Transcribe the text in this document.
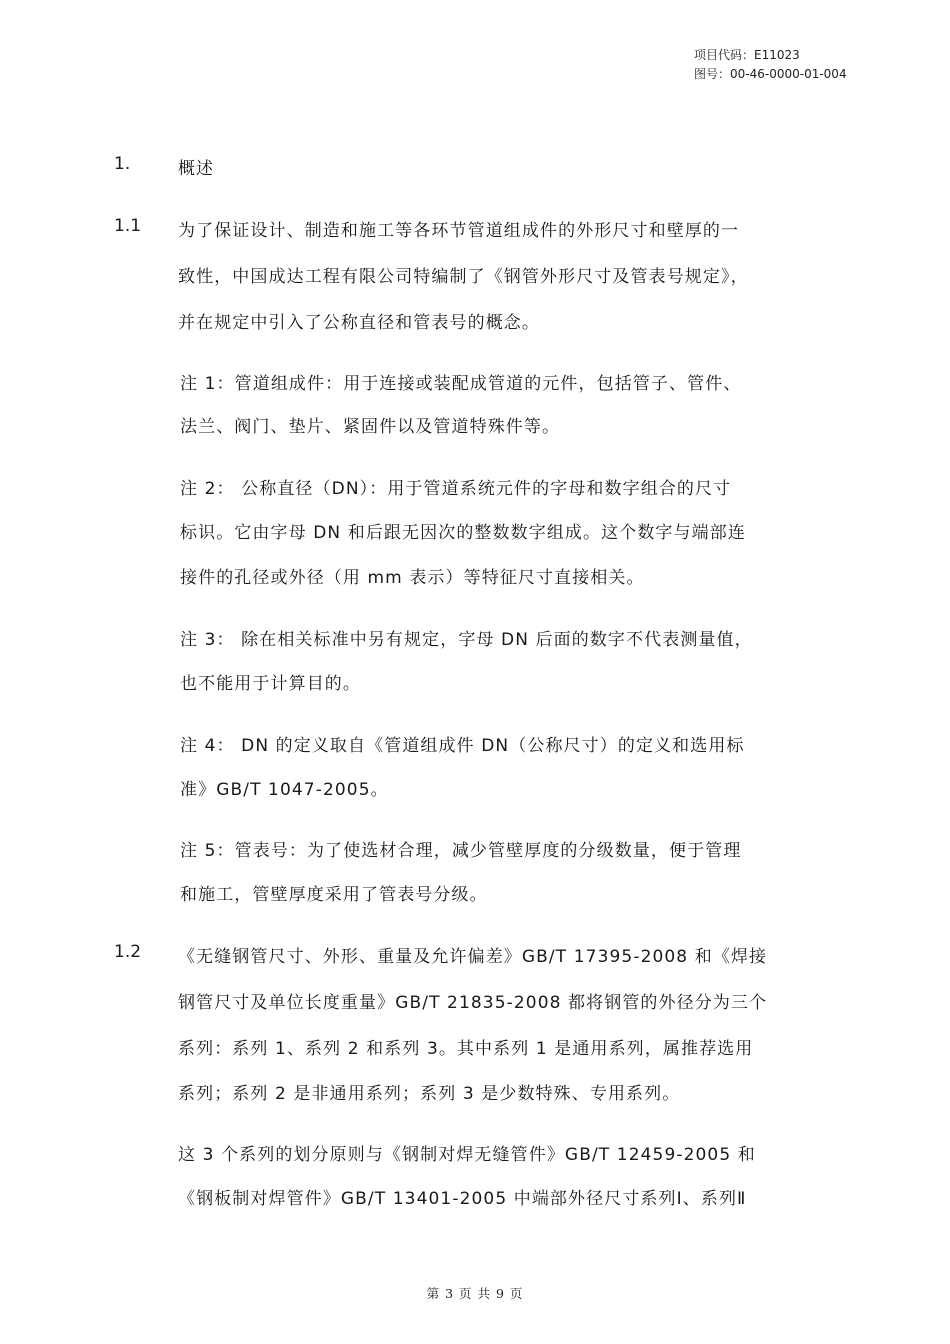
项目代码：E11023
图号：00-46-0000-01-004
1.	概述
1.1 为了保证设计、制造和施工等各环节管道组成件的外形尺寸和壁厚的一
致性，中国成达工程有限公司特编制了《钢管外形尺寸及管表号规定》，
并在规定中引入了公称直径和管表号的概念。
注 1：管道组成件：用于连接或装配成管道的元件，包括管子、管件、
法兰、阀门、垫片、紧固件以及管道特殊件等。
注 2： 公称直径（DN）：用于管道系统元件的字母和数字组合的尺寸
标识。它由字母 DN 和后跟无因次的整数数字组成。这个数字与端部连
接件的孔径或外径（用 mm 表示）等特征尺寸直接相关。
注 3： 除在相关标准中另有规定，字母 DN 后面的数字不代表测量值，
也不能用于计算目的。
注 4： DN 的定义取自《管道组成件 DN（公称尺寸）的定义和选用标
准》GB/T 1047-2005。
注 5：管表号：为了使选材合理，减少管壁厚度的分级数量，便于管理
和施工，管壁厚度采用了管表号分级。
1.2 《无缝钢管尺寸、外形、重量及允许偏差》GB/T 17395-2008 和《焊接
钢管尺寸及单位长度重量》GB/T 21835-2008 都将钢管的外径分为三个
系列：系列 1、系列 2 和系列 3。其中系列 1 是通用系列，属推荐选用
系列；系列 2 是非通用系列；系列 3 是少数特殊、专用系列。
这 3 个系列的划分原则与《钢制对焊无缝管件》GB/T 12459-2005 和
《钢板制对焊管件》GB/T 13401-2005 中端部外径尺寸系列Ⅰ、系列Ⅱ
第 3 页 共 9 页
